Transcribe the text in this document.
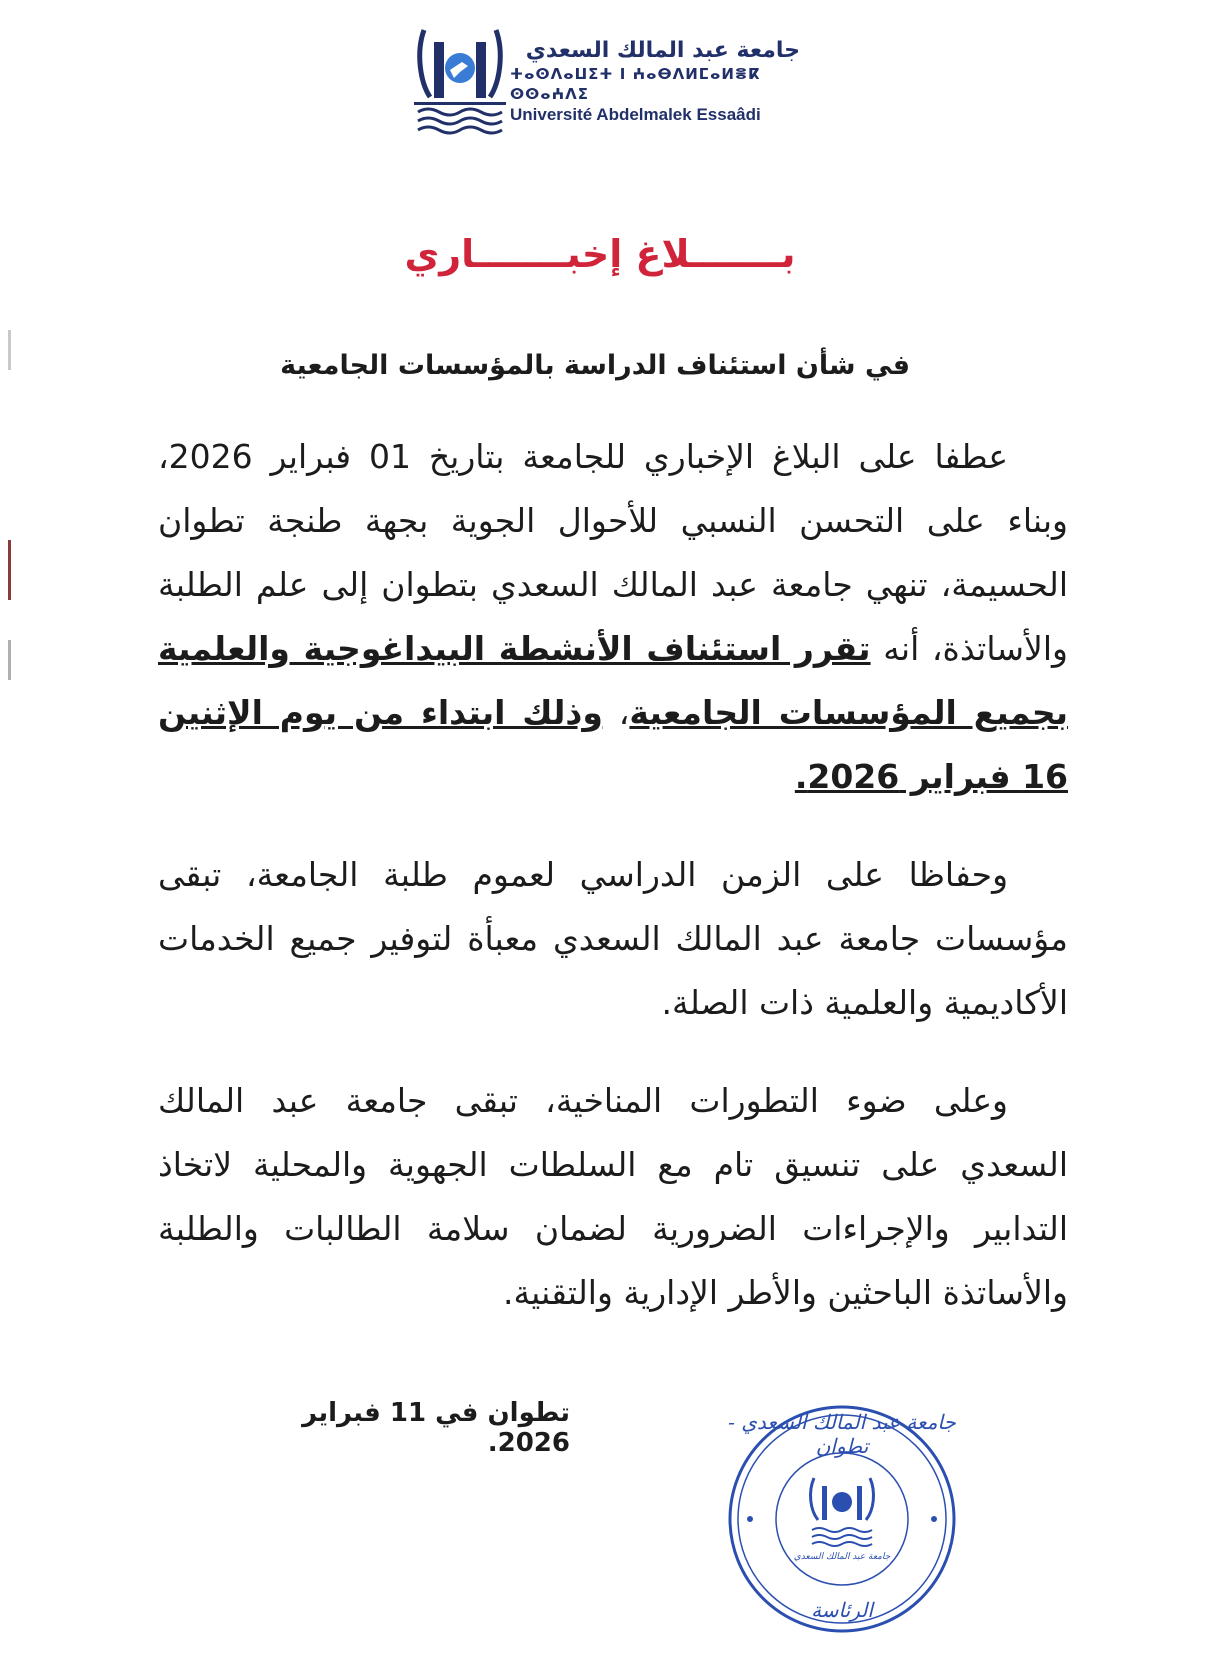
جامعة عبد المالك السعدي
ⵜⴰⵙⴷⴰⵡⵉⵜ ⵏ ⵄⴰⴱⴷⵍⵎⴰⵍⴻⴽ ⵙⵙⴰⵄⴷⵉ
Université Abdelmalek Essaâdi
بـــــــلاغ إخبـــــــاري
في شأن استئناف الدراسة بالمؤسسات الجامعية

عطفا على البلاغ الإخباري للجامعة بتاريخ 01 فبراير 2026، وبناء على التحسن النسبي للأحوال الجوية بجهة طنجة تطوان الحسيمة، تنهي جامعة عبد المالك السعدي بتطوان إلى علم الطلبة والأساتذة، أنه تقرر استئناف الأنشطة البيداغوجية والعلمية بجميع المؤسسات الجامعية، وذلك ابتداء من يوم الإثنين 16 فبراير 2026.

وحفاظا على الزمن الدراسي لعموم طلبة الجامعة، تبقى مؤسسات جامعة عبد المالك السعدي معبأة لتوفير جميع الخدمات الأكاديمية والعلمية ذات الصلة.

وعلى ضوء التطورات المناخية، تبقى جامعة عبد المالك السعدي على تنسيق تام مع السلطات الجهوية والمحلية لاتخاذ التدابير والإجراءات الضرورية لضمان سلامة الطالبات والطلبة والأساتذة الباحثين والأطر الإدارية والتقنية.

تطوان في 11 فبراير 2026.
جامعة عبد المالك السعدي - تطوان
جامعة عبد المالك السعدي
الرئاسة
